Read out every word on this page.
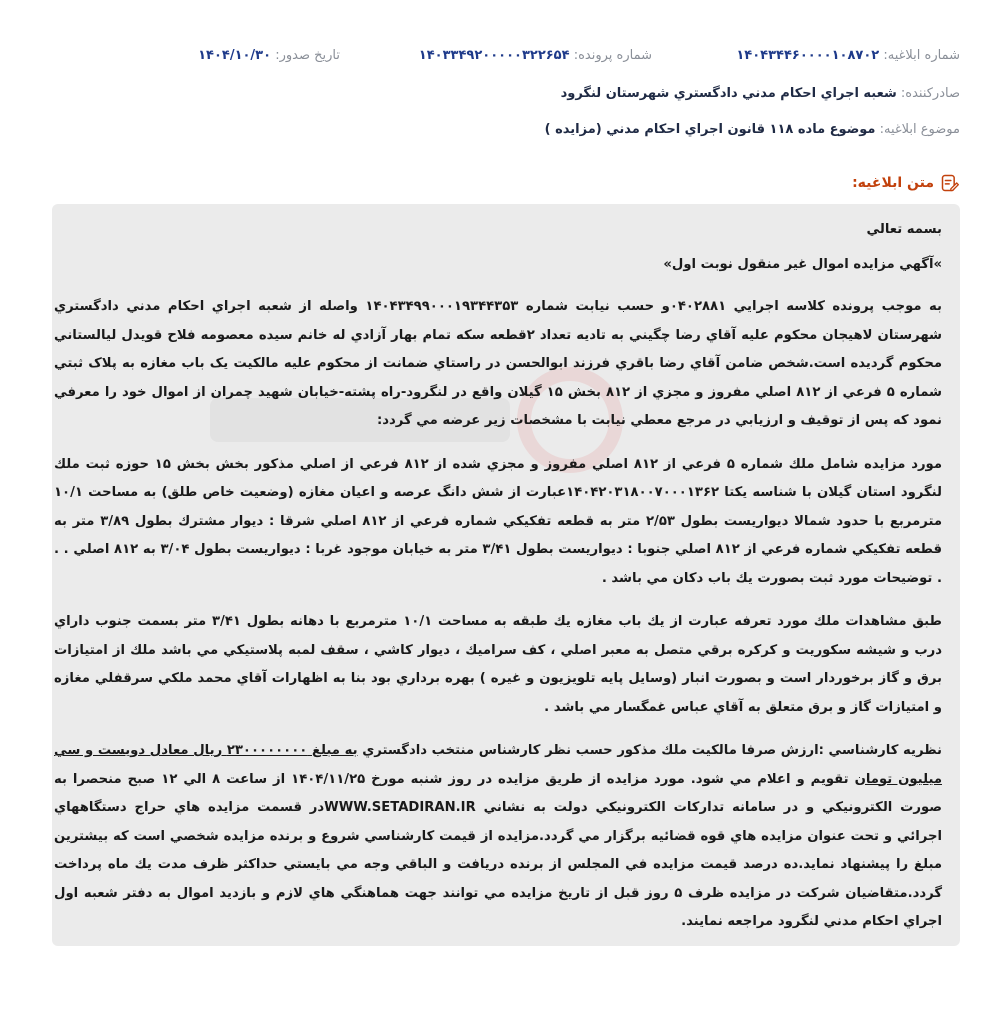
شماره ابلاغيه: ۱۴۰۴۳۴۴۶۰۰۰۰۱۰۸۷۰۲
شماره پرونده: ۱۴۰۳۳۴۹۲۰۰۰۰۰۳۲۲۶۵۴
تاريخ صدور: ۱۴۰۴/۱۰/۳۰
صادرکننده: شعبه اجراي احکام مدني دادگستري شهرستان لنگرود
موضوع ابلاغيه: موضوع ماده ۱۱۸ قانون اجراي احكام مدني (مزايده )
متن ابلاغيه:

بسمه تعالي

»آگهي مزايده اموال غير منقول نوبت اول»

به موجب پرونده كلاسه اجرايي ۰۴۰۲۸۸۱و حسب نيابت شماره ۱۴۰۴۳۴۹۹۰۰۰۱۹۳۴۴۳۵۳ واصله از شعبه اجراي احكام مدني دادگستري شهرستان لاهيجان محكوم عليه آقاي رضا چگيني به تاديه تعداد ۲قطعه سكه تمام بهار آزادي له خانم سيده معصومه فلاح قويدل ليالستاني محكوم گرديده است.شخص ضامن آقاي رضا باقري فرزند ابوالحسن در راستاي ضمانت از محكوم عليه مالكيت يک باب مغازه به پلاک ثبتي شماره ۵ فرعي از ۸۱۲ اصلي مفروز و مجزي از ۸۱۲ بخش ۱۵ گيلان واقع در لنگرود-راه پشته-خيابان شهيد چمران از اموال خود را معرفي نمود كه پس از توقيف و ارزيابي در مرجع معطي نيابت با مشخصات زير عرضه مي گردد:

مورد مزايده شامل ملك شماره ۵ فرعي از ۸۱۲ اصلي مفروز و مجزي شده از ۸۱۲ فرعي از اصلي مذكور بخش بخش ۱۵ حوزه ثبت ملك لنگرود استان گيلان با شناسه يكتا ۱۴۰۴۲۰۳۱۸۰۰۷۰۰۰۱۳۶۲عبارت از شش دانگ عرصه و اعيان مغازه (وضعيت خاص طلق) به مساحت ۱۰/۱ مترمربع با حدود شمالا ديواريست بطول ۲/۵۳ متر به قطعه تفكيكي شماره فرعي از ۸۱۲ اصلي شرقا : ديوار مشترك بطول ۳/۸۹ متر به قطعه تفكيكي شماره فرعي از ۸۱۲ اصلي جنوبا : ديواريست بطول ۳/۴۱ متر به خيابان موجود غربا : ديواريست بطول ۳/۰۴ به ۸۱۲ اصلي . . . توضيحات مورد ثبت بصورت يك باب دكان مي باشد .

طبق مشاهدات ملك مورد تعرفه عبارت از يك باب مغازه يك طبقه به مساحت ۱۰/۱ مترمربع با دهانه بطول ۳/۴۱ متر بسمت جنوب داراي درب و شيشه سكوريت و كركره برقي متصل به معبر اصلي ، كف سراميك ، ديوار كاشي ، سقف لمبه پلاستيكي مي باشد ملك از امتيازات برق و گاز برخوردار است و بصورت انبار (وسايل پايه تلويزيون و غيره ) بهره برداري بود بنا به اظهارات آقاي محمد ملكي سرقفلي مغازه و امتيازات گاز و برق متعلق به آقاي عباس غمگسار مي باشد .

نظريه كارشناسي :ارزش صرفا مالكيت ملك مذكور حسب نظر كارشناس منتخب دادگستري به مبلغ ۲۳۰۰۰۰۰۰۰۰ ريال معادل دويست و سي ميليون تومان تقويم و اعلام مي شود. مورد مزايده از طريق مزايده در روز شنبه مورخ ۱۴۰۴/۱۱/۲۵ از ساعت ۸ الي ۱۲ صبح منحصرا به صورت الكترونيكي و در سامانه تداركات الكترونيكي دولت به نشاني WWW.SETADIRAN.IRدر قسمت مزايده هاي حراج دستگاههاي اجرائي و تحت عنوان مزايده هاي قوه قضائيه برگزار مي گردد.مزايده از قيمت كارشناسي شروع و برنده مزايده شخصي است كه بيشترين مبلغ را پيشنهاد نمايد.ده درصد قيمت مزايده في المجلس از برنده دريافت و الباقي وجه مي بايستي حداكثر ظرف مدت يك ماه پرداخت گردد.متقاضيان شركت در مزايده ظرف ۵ روز قبل از تاريخ مزايده مي توانند جهت هماهنگي هاي لازم و بازديد اموال به دفتر شعبه اول اجراي احكام مدني لنگرود مراجعه نمايند.
